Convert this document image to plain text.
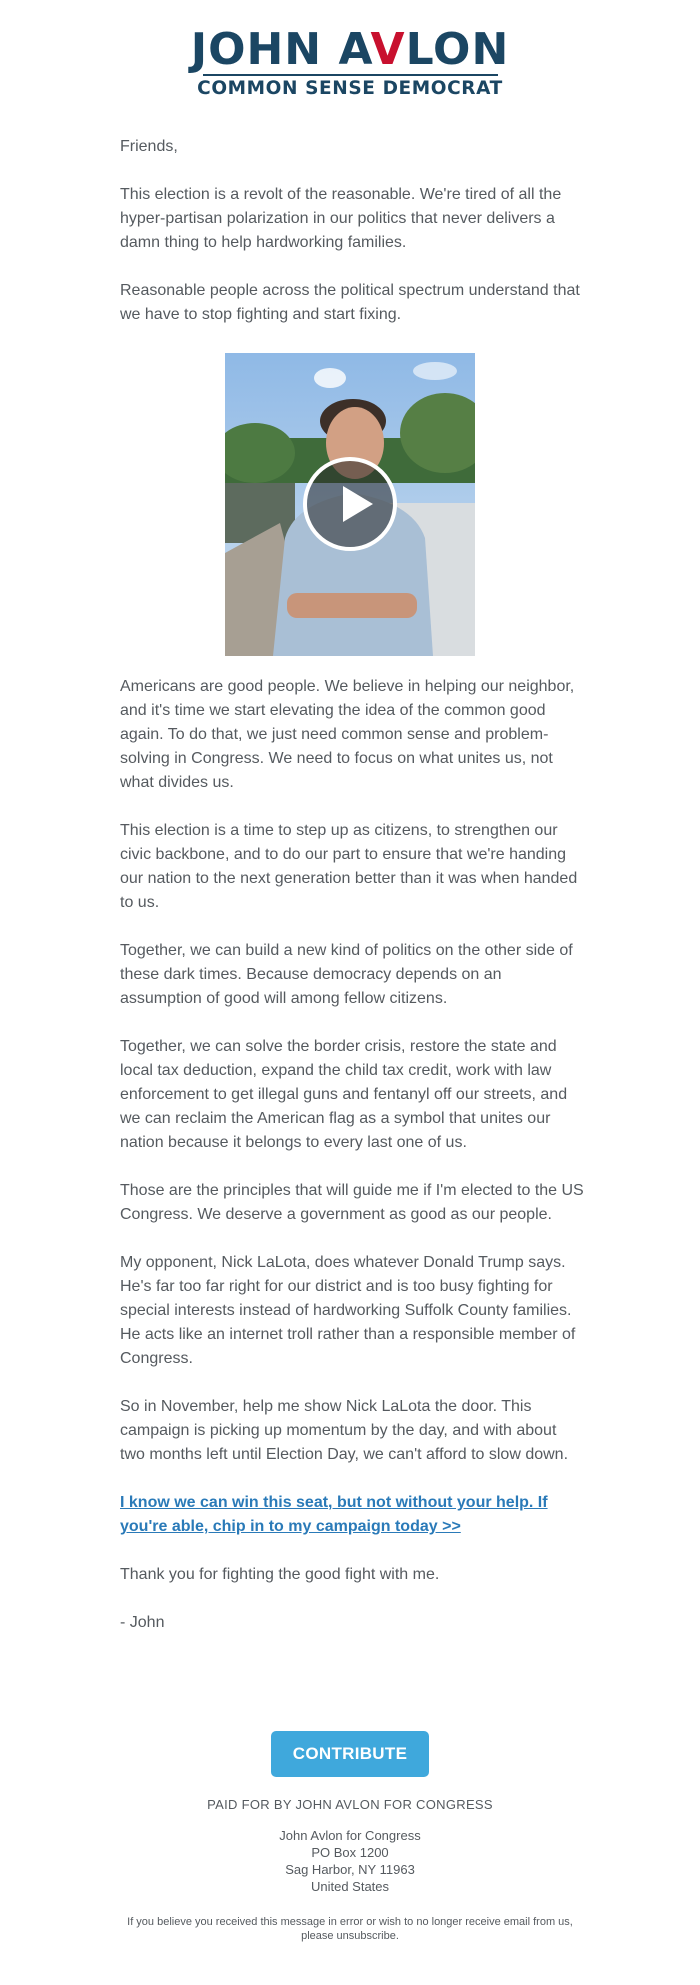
JOHN AVLON
COMMON SENSE DEMOCRAT

Friends,

This election is a revolt of the reasonable. We're tired of all the hyper-partisan polarization in our politics that never delivers a damn thing to help hardworking families.

Reasonable people across the political spectrum understand that we have to stop fighting and start fixing.

Americans are good people. We believe in helping our neighbor, and it's time we start elevating the idea of the common good again. To do that, we just need common sense and problem-solving in Congress. We need to focus on what unites us, not what divides us.

This election is a time to step up as citizens, to strengthen our civic backbone, and to do our part to ensure that we're handing our nation to the next generation better than it was when handed to us.

Together, we can build a new kind of politics on the other side of these dark times. Because democracy depends on an assumption of good will among fellow citizens.

Together, we can solve the border crisis, restore the state and local tax deduction, expand the child tax credit, work with law enforcement to get illegal guns and fentanyl off our streets, and we can reclaim the American flag as a symbol that unites our nation because it belongs to every last one of us.

Those are the principles that will guide me if I'm elected to the US Congress. We deserve a government as good as our people.

My opponent, Nick LaLota, does whatever Donald Trump says. He's far too far right for our district and is too busy fighting for special interests instead of hardworking Suffolk County families. He acts like an internet troll rather than a responsible member of Congress.

So in November, help me show Nick LaLota the door. This campaign is picking up momentum by the day, and with about two months left until Election Day, we can't afford to slow down.

I know we can win this seat, but not without your help. If you're able, chip in to my campaign today >>

Thank you for fighting the good fight with me.

- John

CONTRIBUTE
PAID FOR BY JOHN AVLON FOR CONGRESS
John Avlon for Congress
PO Box 1200
Sag Harbor, NY 11963
United States
If you believe you received this message in error or wish to no longer receive email from us, please unsubscribe.
